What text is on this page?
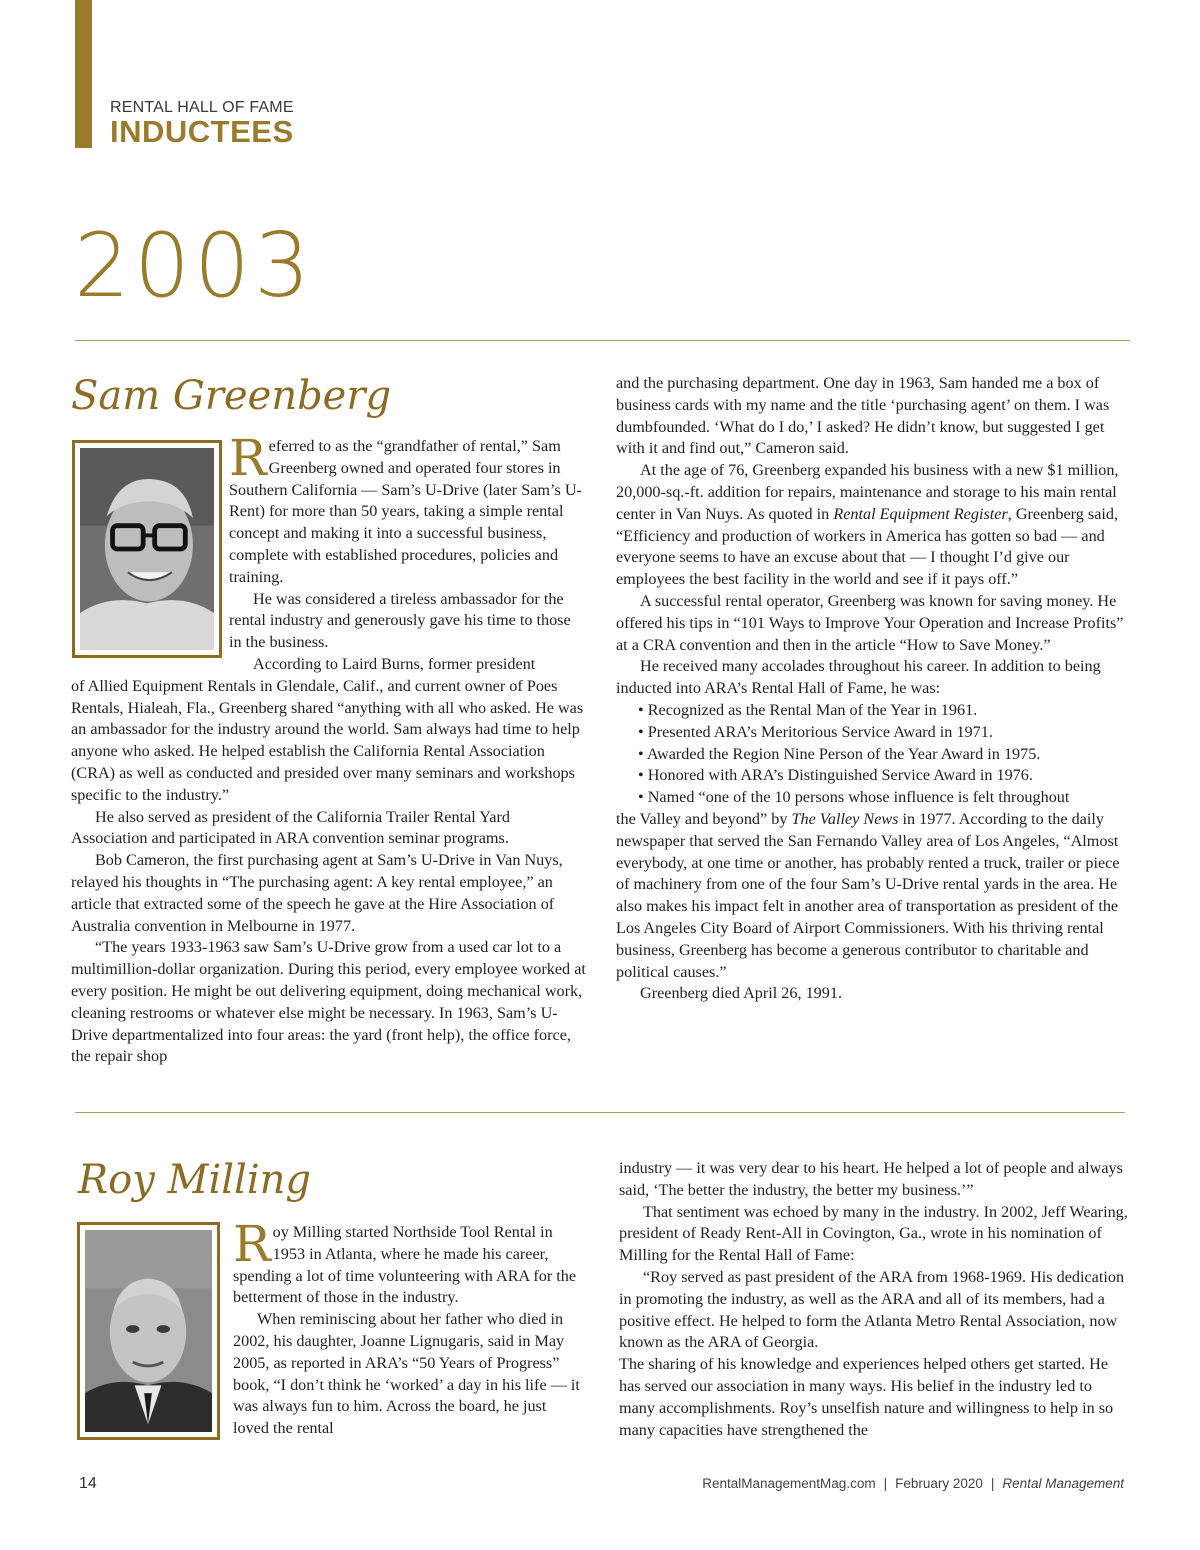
RENTAL HALL OF FAME
INDUCTEES
2003
Sam Greenberg

Referred to as the “grandfather of rental,” Sam Greenberg owned and operated four stores in Southern California — Sam’s U-Drive (later Sam’s U-Rent) for more than 50 years, taking a simple rental concept and making it into a successful business, complete with established procedures, policies and training.

He was considered a tireless ambassador for the rental industry and generously gave his time to those in the business.

According to Laird Burns, former president

of Allied Equipment Rentals in Glendale, Calif., and current owner of Poes Rentals, Hialeah, Fla., Greenberg shared “anything with all who asked. He was an ambassador for the industry around the world. Sam always had time to help anyone who asked. He helped establish the California Rental Association (CRA) as well as conducted and presided over many seminars and workshops specific to the industry.”

He also served as president of the California Trailer Rental Yard Association and participated in ARA convention seminar programs.

Bob Cameron, the first purchasing agent at Sam’s U-Drive in Van Nuys, relayed his thoughts in “The purchasing agent: A key rental employee,” an article that extracted some of the speech he gave at the Hire Association of Australia convention in Melbourne in 1977.

“The years 1933-1963 saw Sam’s U-Drive grow from a used car lot to a multimillion-dollar organization. During this period, every employee worked at every position. He might be out delivering equipment, doing mechanical work, cleaning restrooms or whatever else might be necessary. In 1963, Sam’s U-Drive departmentalized into four areas: the yard (front help), the office force, the repair shop

and the purchasing department. One day in 1963, Sam handed me a box of business cards with my name and the title ‘purchasing agent’ on them. I was dumbfounded. ‘What do I do,’ I asked? He didn’t know, but suggested I get with it and find out,” Cameron said.

At the age of 76, Greenberg expanded his business with a new $1 million, 20,000-sq.-ft. addition for repairs, maintenance and storage to his main rental center in Van Nuys. As quoted in Rental Equipment Register, Greenberg said, “Efficiency and production of workers in America has gotten so bad — and everyone seems to have an excuse about that — I thought I’d give our employees the best facility in the world and see if it pays off.”

A successful rental operator, Greenberg was known for saving money. He offered his tips in “101 Ways to Improve Your Operation and Increase Profits” at a CRA convention and then in the article “How to Save Money.”

He received many accolades throughout his career. In addition to being inducted into ARA’s Rental Hall of Fame, he was:

• Recognized as the Rental Man of the Year in 1961.

• Presented ARA’s Meritorious Service Award in 1971.

• Awarded the Region Nine Person of the Year Award in 1975.

• Honored with ARA’s Distinguished Service Award in 1976.

• Named “one of the 10 persons whose influence is felt throughout

the Valley and beyond” by The Valley News in 1977. According to the daily newspaper that served the San Fernando Valley area of Los Angeles, “Almost everybody, at one time or another, has probably rented a truck, trailer or piece of machinery from one of the four Sam’s U-Drive rental yards in the area. He also makes his impact felt in another area of transportation as president of the Los Angeles City Board of Airport Commissioners. With his thriving rental business, Greenberg has become a generous contributor to charitable and political causes.”

Greenberg died April 26, 1991.

Roy Milling

Roy Milling started Northside Tool Rental in 1953 in Atlanta, where he made his career, spending a lot of time volunteering with ARA for the betterment of those in the industry.

When reminiscing about her father who died in 2002, his daughter, Joanne Lignugaris, said in May 2005, as reported in ARA’s “50 Years of Progress” book, “I don’t think he ‘worked’ a day in his life — it was always fun to him. Across the board, he just loved the rental

industry — it was very dear to his heart. He helped a lot of people and always said, ‘The better the industry, the better my business.’”

That sentiment was echoed by many in the industry. In 2002, Jeff Wearing, president of Ready Rent-All in Covington, Ga., wrote in his nomination of Milling for the Rental Hall of Fame:

“Roy served as past president of the ARA from 1968-1969. His dedication in promoting the industry, as well as the ARA and all of its members, had a positive effect. He helped to form the Atlanta Metro Rental Association, now known as the ARA of Georgia.

The sharing of his knowledge and experiences helped others get started. He has served our association in many ways. His belief in the industry led to many accomplishments. Roy’s unselfish nature and willingness to help in so many capacities have strengthened the

14	RentalManagementMag.com | February 2020 | Rental Management
